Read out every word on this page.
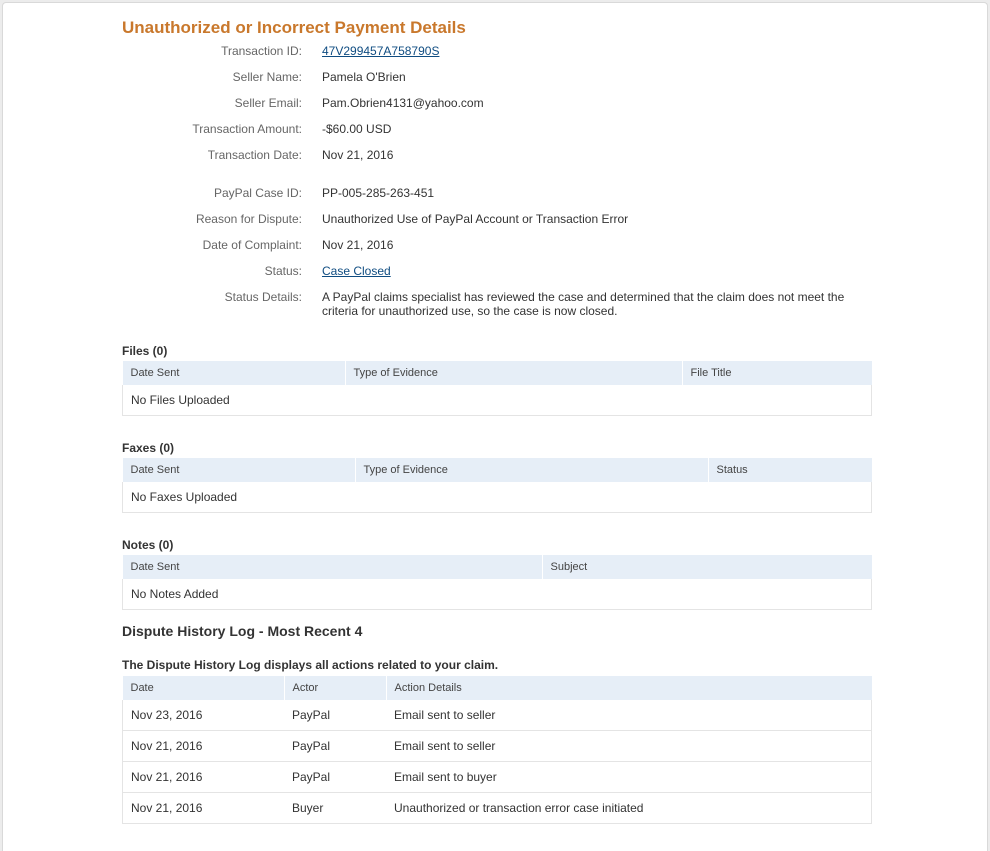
Unauthorized or Incorrect Payment Details
Transaction ID: 47V299457A758790S
Seller Name: Pamela O'Brien
Seller Email: Pam.Obrien4131@yahoo.com
Transaction Amount: -$60.00 USD
Transaction Date: Nov 21, 2016
PayPal Case ID: PP-005-285-263-451
Reason for Dispute: Unauthorized Use of PayPal Account or Transaction Error
Date of Complaint: Nov 21, 2016
Status: Case Closed
Status Details: A PayPal claims specialist has reviewed the case and determined that the claim does not meet the criteria for unauthorized use, so the case is now closed.
Files (0)
Date Sent	Type of Evidence	File Title
No Files Uploaded
Faxes (0)
Date Sent	Type of Evidence	Status
No Faxes Uploaded
Notes (0)
Date Sent	Subject
No Notes Added
Dispute History Log - Most Recent 4
The Dispute History Log displays all actions related to your claim.
Date	Actor	Action Details
Nov 23, 2016	PayPal	Email sent to seller
Nov 21, 2016	PayPal	Email sent to seller
Nov 21, 2016	PayPal	Email sent to buyer
Nov 21, 2016	Buyer	Unauthorized or transaction error case initiated
